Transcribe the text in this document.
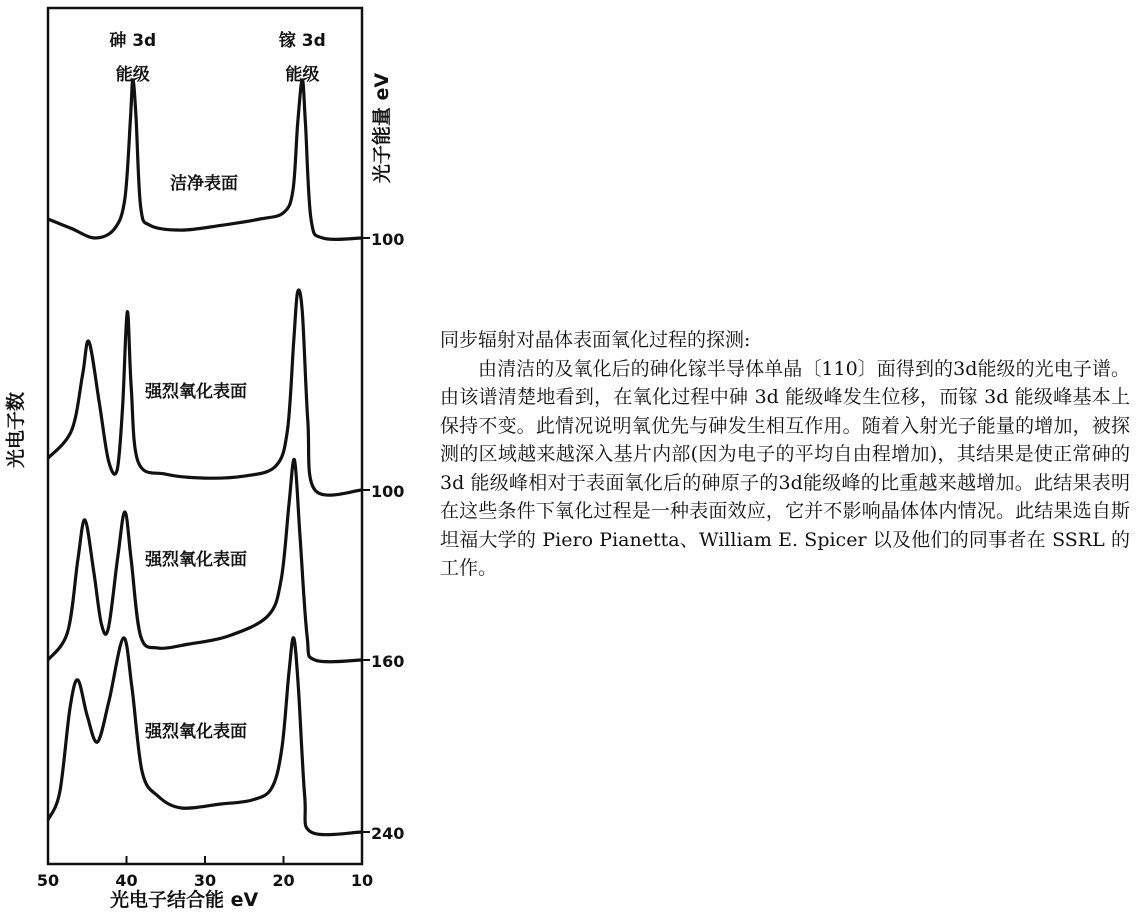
50	40	30	20	10
洁净表面
强烈氧化表面
强烈氧化表面
强烈氧化表面
砷 3d
能级
镓 3d
能级
100
100
160
240
光电子结合能 eV
光电子数
光子能量 eV

同步辐射对晶体表面氧化过程的探测:

由清洁的及氧化后的砷化镓半导体单晶〔110〕面得到的3d能级的光电子谱。由该谱清楚地看到，在氧化过程中砷 3d 能级峰发生位移，而镓 3d 能级峰基本上保持不变。此情况说明氧优先与砷发生相互作用。随着入射光子能量的增加，被探测的区域越来越深入基片内部(因为电子的平均自由程增加)，其结果是使正常砷的 3d 能级峰相对于表面氧化后的砷原子的3d能级峰的比重越来越增加。此结果表明在这些条件下氧化过程是一种表面效应，它并不影响晶体体内情况。此结果选自斯坦福大学的 Piero Pianetta、William E. Spicer 以及他们的同事者在 SSRL 的工作。
